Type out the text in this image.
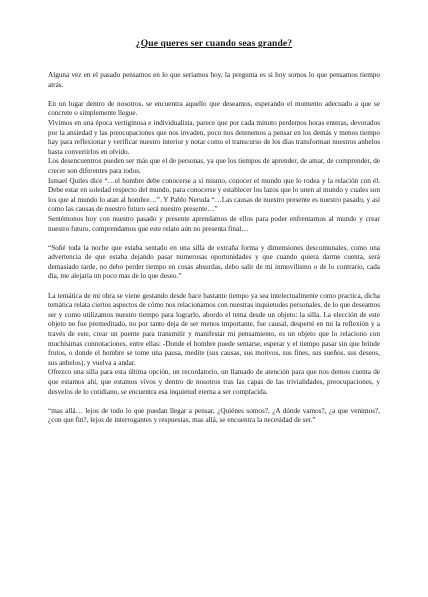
¿Que queres ser cuando seas grande?

Alguna vez en el pasado pensamos en lo que seriamos hoy, la pregunta es si hoy somos lo que pensamos tiempo atrás.

En un lugar dentro de nosotros, se encuentra aquello que deseamos, esperando el momento adecuado a que se concrete o simplemente llegue.

Vivimos en una época vertiginosa e individualista, parece que por cada minuto perdemos horas enteras, devorados por la ansiedad y las preocupaciones que nos invaden, poco nos detenemos a pensar en los demás y menos tiempo hay para reflexionar y verificar nuestro interior y notar como el transcurso de los días transforman nuestros anhelos hasta convertirlos en olvido.

Los desencuentros pueden ser más que el de personas, ya que los tiempos de aprender, de amar, de comprender, de crecer son diferentes para todos.

Ismael Quiles dice “…el hombre debe conocerse a sí mismo, conocer el mundo que lo rodea y la relación con él. Debe estar en soledad respecto del mundo, para conocerse y establecer los lazos que lo unen al mundo y cuales son los que al mundo lo atan al hombre…”. Y Pablo Neruda “…Las causas de nuestro presente es nuestro pasado, y así como las causas de nuestro futuro será nuestro presente…”

Sentémonos hoy con nuestro pasado y presente aprendamos de ellos para poder enfrentarnos al mundo y crear nuestro futuro, comprendamos que este relato aún no presenta final…

“Soñé toda la noche que estaba sentado en una silla de extraña forma y dimensiones descomunales, como una advertencia de que estaba dejando pasar numerosas oportunidades y que cuando quiera darme cuenta, será demasiado tarde, no debo perder tiempo en cosas absurdas, debo salir de mi inmovilismo o de lo contrario, cada día, me alejaría un poco mas de lo que deseo.”

La temática de mi obra se viene gestando desde hace bastante tiempo ya sea intelectualmente como practica, dicha temática relata ciertos aspectos de cómo nos relacionamos con nuestras inquietudes personales, de lo que deseamos ser y como utilizamos nuestro tiempo para lograrlo, abordo el tema desde un objeto: la silla. La elección de este objeto no fue premeditado, no por tanto deja de ser menos importante, fue causal, desperté en mi la reflexión y a través de este, crear un puente para transmitir y manifestar mi pensamiento, es un objeto que lo relaciono con muchísimas connotaciones, entre ellas: -Donde el hombre puede sentarse, esperar y el tiempo pasar sin que brinde frutos, o donde el hombre se tome una pausa, medite (sus causas, sus motivos, sus fines, sus sueños, sus deseos, sus anhelos), y vuelva a andar.

Ofrezco una silla para esta última opción, un recordatorio, un llamado de atención para que nos demos cuenta de que estamos ahí, que estamos vivos y dentro de nosotros tras las capas de las trivialidades, preocupaciones, y desvelos de lo cotidiano, se encuentra esa inquietud eterna a ser complacida.

“mas allá… lejos de todo lo que puedan llegar a pensar, ¿Quiénes somos?, ¿A dónde vamos?, ¿a que venimos?, ¿con que fin?, lejos de interrogantes y respuestas, mas allá, se encuentra la necesidad de ser.”
